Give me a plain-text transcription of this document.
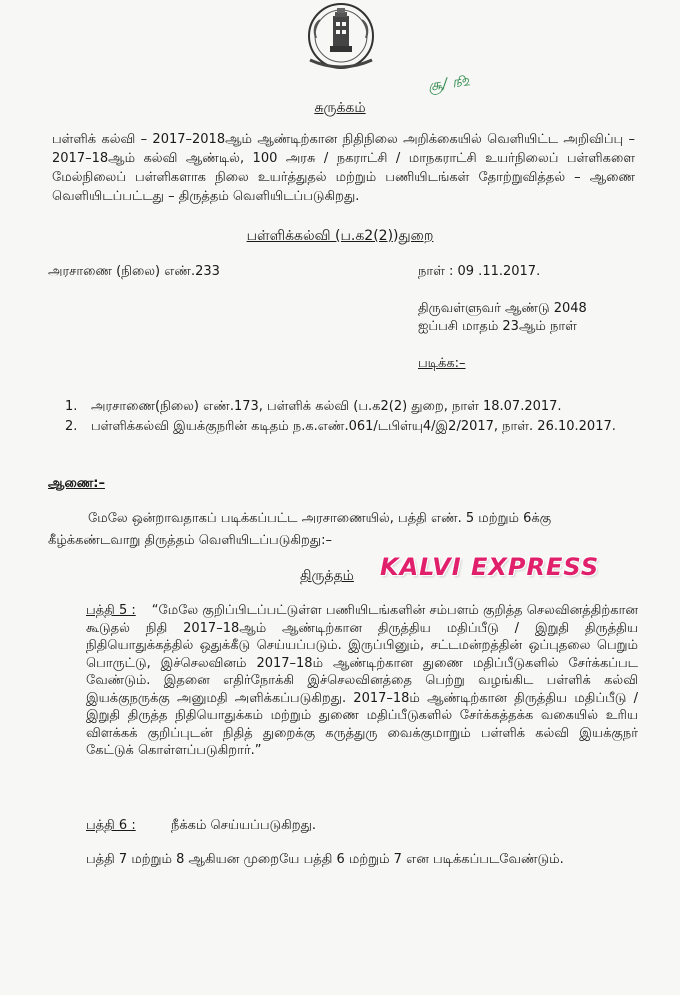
சூ/ ௺
சுருக்கம்
பள்ளிக் கல்வி – 2017–2018ஆம் ஆண்டிற்கான நிதிநிலை அறிக்கையில் வெளியிட்ட அறிவிப்பு – 2017–18ஆம் கல்வி ஆண்டில், 100 அரசு / நகராட்சி / மாநகராட்சி உயர்நிலைப் பள்ளிகளை மேல்நிலைப் பள்ளிகளாக நிலை உயர்த்துதல் மற்றும் பணியிடங்கள் தோற்றுவித்தல் – ஆணை வெளியிடப்பட்டது – திருத்தம் வெளியிடப்படுகிறது.
பள்ளிக்கல்வி (ப.க2(2))துறை
அரசாணை (நிலை) எண்.233	நாள் : 09 .11.2017.
திருவள்ளுவர் ஆண்டு 2048
ஐப்பசி மாதம் 23ஆம் நாள்
படிக்க:–
1. அரசாணை(நிலை) எண்.173, பள்ளிக் கல்வி (ப.க2(2) துறை, நாள் 18.07.2017.
2. பள்ளிக்கல்வி இயக்குநரின் கடிதம் ந.க.எண்.061/டபிள்யு4/இ2/2017, நாள். 26.10.2017.
ஆணை:–
மேலே ஒன்றாவதாகப் படிக்கப்பட்ட அரசாணையில், பத்தி எண். 5 மற்றும் 6க்கு
கீழ்க்கண்டவாறு திருத்தம் வெளியிடப்படுகிறது:–
திருத்தம் KALVI EXPRESS
பத்தி 5 : “மேலே குறிப்பிடப்பட்டுள்ள பணியிடங்களின் சம்பளம் குறித்த செலவினத்திற்கான கூடுதல் நிதி 2017–18ஆம் ஆண்டிற்கான திருத்திய மதிப்பீடு / இறுதி திருத்திய நிதியொதுக்கத்தில் ஒதுக்கீடு செய்யப்படும். இருப்பினும், சட்டமன்றத்தின் ஒப்புதலை பெறும் பொருட்டு, இச்செலவினம் 2017–18ம் ஆண்டிற்கான துணை மதிப்பீடுகளில் சேர்க்கப்பட வேண்டும். இதனை எதிர்நோக்கி இச்செலவினத்தை பெற்று வழங்கிட பள்ளிக் கல்வி இயக்குநருக்கு அனுமதி அளிக்கப்படுகிறது. 2017–18ம் ஆண்டிற்கான திருத்திய மதிப்பீடு / இறுதி திருத்த நிதியொதுக்கம் மற்றும் துணை மதிப்பீடுகளில் சேர்க்கத்தக்க வகையில் உரிய விளக்கக் குறிப்புடன் நிதித் துறைக்கு கருத்துரு வைக்குமாறும் பள்ளிக் கல்வி இயக்குநர் கேட்டுக் கொள்ளப்படுகிறார்.”
பத்தி 6 :	நீக்கம் செய்யப்படுகிறது.
பத்தி 7 மற்றும் 8 ஆகியன முறையே பத்தி 6 மற்றும் 7 என படிக்கப்படவேண்டும்.
